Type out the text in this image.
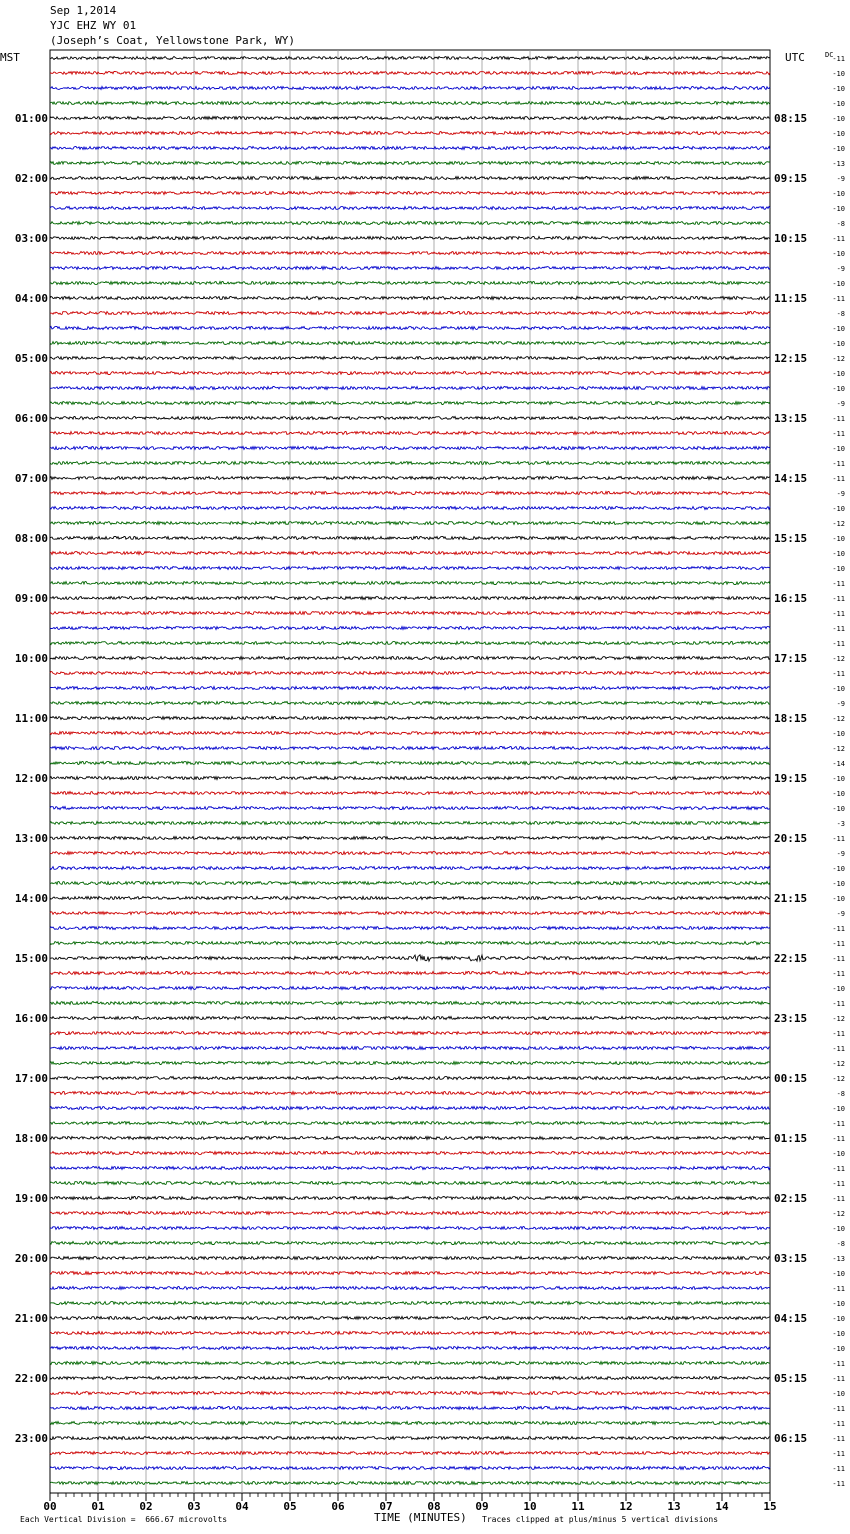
Sep 1,2014
YJC EHZ WY 01
(Joseph’s Coat, Yellowstone Park, WY)
MST	UTC	DC
01:00
02:00
03:00
04:00
05:00
06:00
07:00
08:00
09:00
10:00
11:00
12:00
13:00
14:00
15:00
16:00
17:00
18:00
19:00
20:00
21:00
22:00
23:00
08:15
09:15
10:15
11:15
12:15
13:15
14:15
15:15
16:15
17:15
18:15
19:15
20:15
21:15
22:15
23:15
00:15
01:15
02:15
03:15
04:15
05:15
06:15
-11
-10
-10
-10
-10
-10
-10
-13
-9
-10
-10
-8
-11
-10
-9
-10
-11
-8
-10
-10
-12
-10
-10
-9
-11
-11
-10
-11
-11
-9
-10
-12
-10
-10
-10
-11
-11
-11
-11
-11
-12
-11
-10
-9
-12
-10
-12
-14
-10
-10
-10
-3
-11
-9
-10
-10
-10
-9
-11
-11
-11
-11
-10
-11
-12
-11
-11
-12
-12
-8
-10
-11
-11
-10
-11
-11
-11
-12
-10
-8
-13
-10
-11
-10
-10
-10
-10
-11
-11
-10
-11
-11
-11
-11
-11
-11
00	01	02	03	04	05	06	07	08	09	10	11	12	13	14	15
Each Vertical Division =  666.67 microvolts	TIME (MINUTES) Traces clipped at plus/minus 5 vertical divisions
